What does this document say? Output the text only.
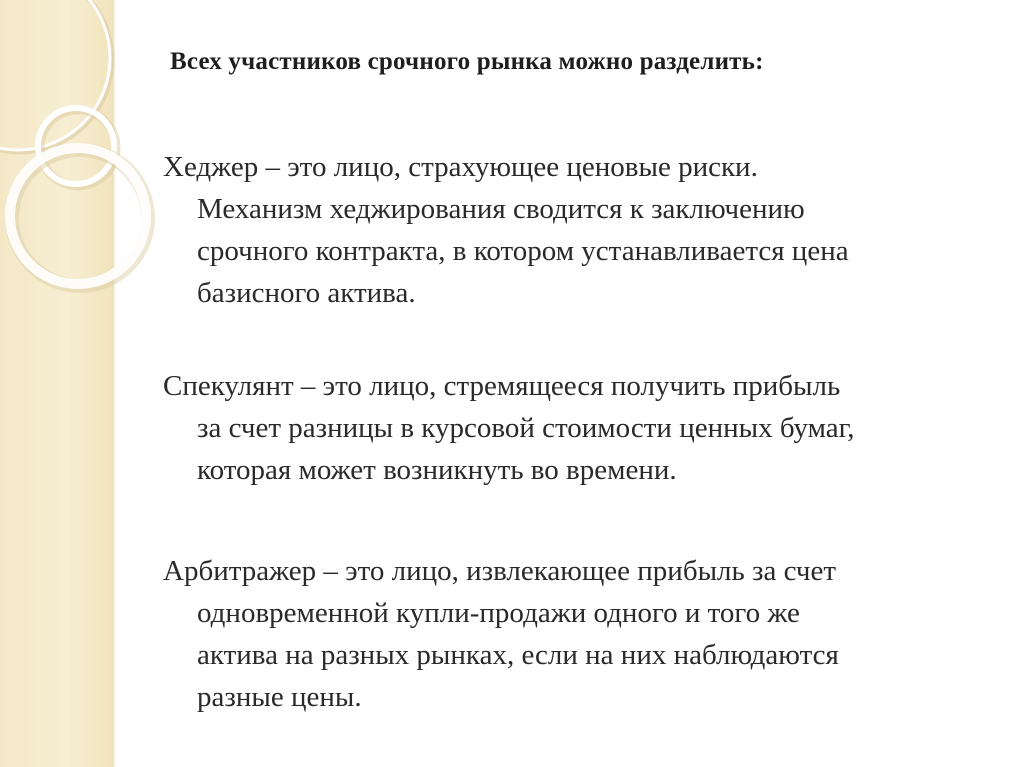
Всех участников срочного рынка можно разделить:

Хеджер – это лицо, страхующее ценовые риски.
Механизм хеджирования сводится к заключению
срочного контракта, в котором устанавливается цена
базисного актива.

Спекулянт – это лицо, стремящееся получить прибыль
за счет разницы в курсовой стоимости ценных бумаг,
которая может возникнуть во времени.

Арбитражер – это лицо, извлекающее прибыль за счет
одновременной купли-продажи одного и того же
актива на разных рынках, если на них наблюдаются
разные цены.
